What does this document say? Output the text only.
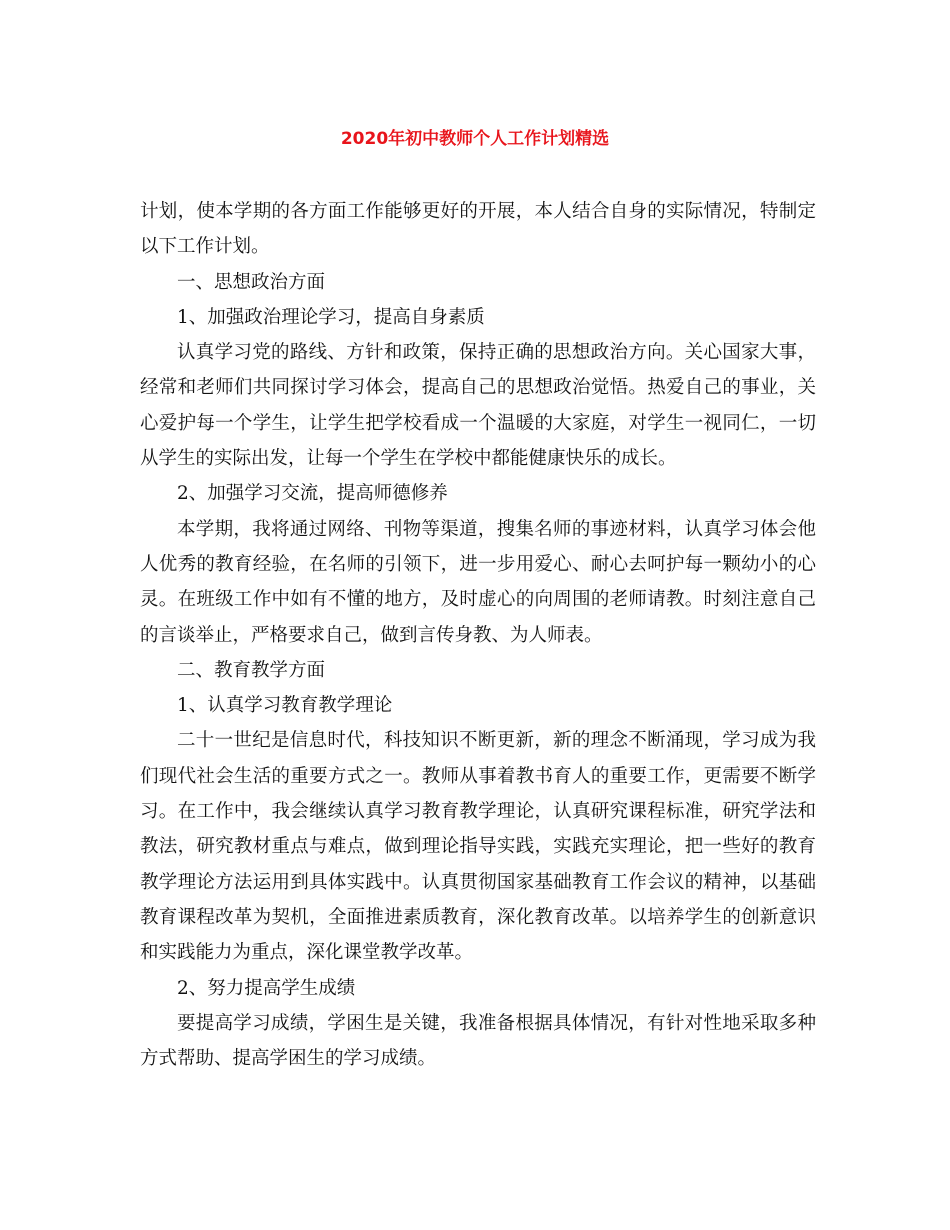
2020年初中教师个人工作计划精选

计划，使本学期的各方面工作能够更好的开展，本人结合自身的实际情况，特制定以下工作计划。

一、思想政治方面

1、加强政治理论学习，提高自身素质

认真学习党的路线、方针和政策，保持正确的思想政治方向。关心国家大事，经常和老师们共同探讨学习体会，提高自己的思想政治觉悟。热爱自己的事业，关心爱护每一个学生，让学生把学校看成一个温暖的大家庭，对学生一视同仁，一切从学生的实际出发，让每一个学生在学校中都能健康快乐的成长。

2、加强学习交流，提高师德修养

本学期，我将通过网络、刊物等渠道，搜集名师的事迹材料，认真学习体会他人优秀的教育经验，在名师的引领下，进一步用爱心、耐心去呵护每一颗幼小的心灵。在班级工作中如有不懂的地方，及时虚心的向周围的老师请教。时刻注意自己的言谈举止，严格要求自己，做到言传身教、为人师表。

二、教育教学方面

1、认真学习教育教学理论

二十一世纪是信息时代，科技知识不断更新，新的理念不断涌现，学习成为我们现代社会生活的重要方式之一。教师从事着教书育人的重要工作，更需要不断学习。在工作中，我会继续认真学习教育教学理论，认真研究课程标准，研究学法和教法，研究教材重点与难点，做到理论指导实践，实践充实理论，把一些好的教育教学理论方法运用到具体实践中。认真贯彻国家基础教育工作会议的精神，以基础教育课程改革为契机，全面推进素质教育，深化教育改革。以培养学生的创新意识和实践能力为重点，深化课堂教学改革。

2、努力提高学生成绩

要提高学习成绩，学困生是关键，我准备根据具体情况，有针对性地采取多种方式帮助、提高学困生的学习成绩。
